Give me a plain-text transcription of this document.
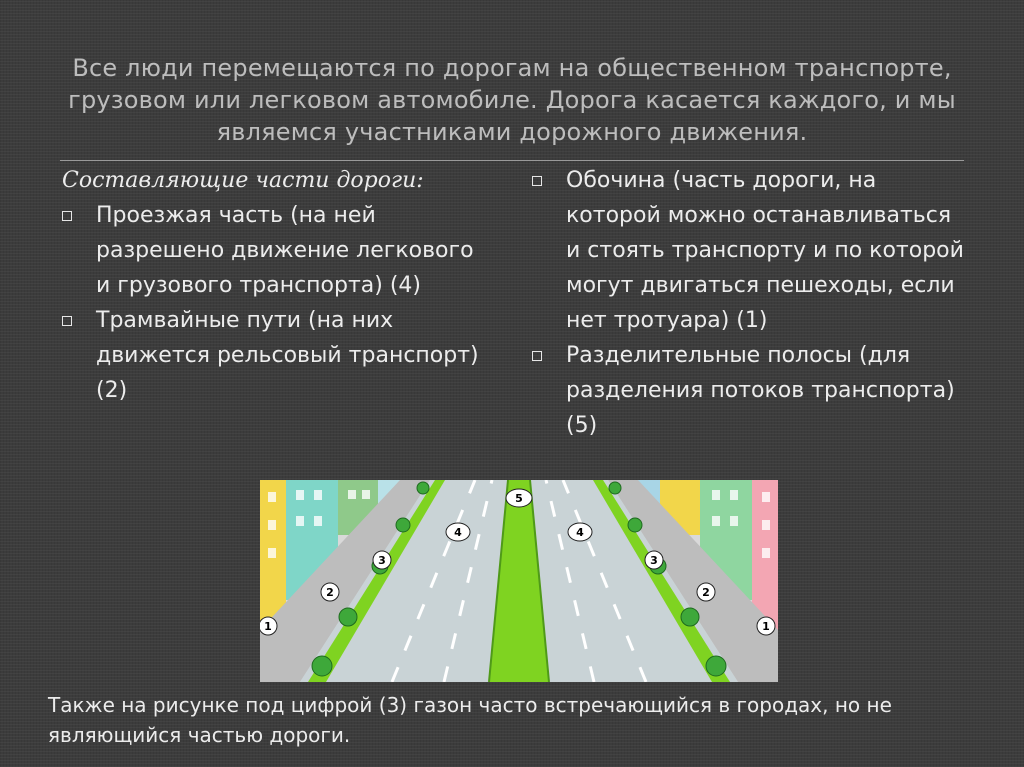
Все люди перемещаются по дорогам на общественном транспорте, грузовом или легковом автомобиле. Дорога касается каждого, и мы являемся участниками дорожного движения.
Составляющие части дороги:
Проезжая часть (на ней разрешено движение легкового и грузового транспорта) (4)
Трамвайные пути (на них движется рельсовый транспорт) (2)
Обочина (часть дороги, на которой можно останавливаться и стоять транспорту и по которой могут двигаться пешеходы, если нет тротуара) (1)
Разделительные полосы (для разделения потоков транспорта) (5)
1
2
3
4
5
4
3
2
1
Также на рисунке под цифрой (3) газон часто встречающийся в городах, но не являющийся частью дороги.
